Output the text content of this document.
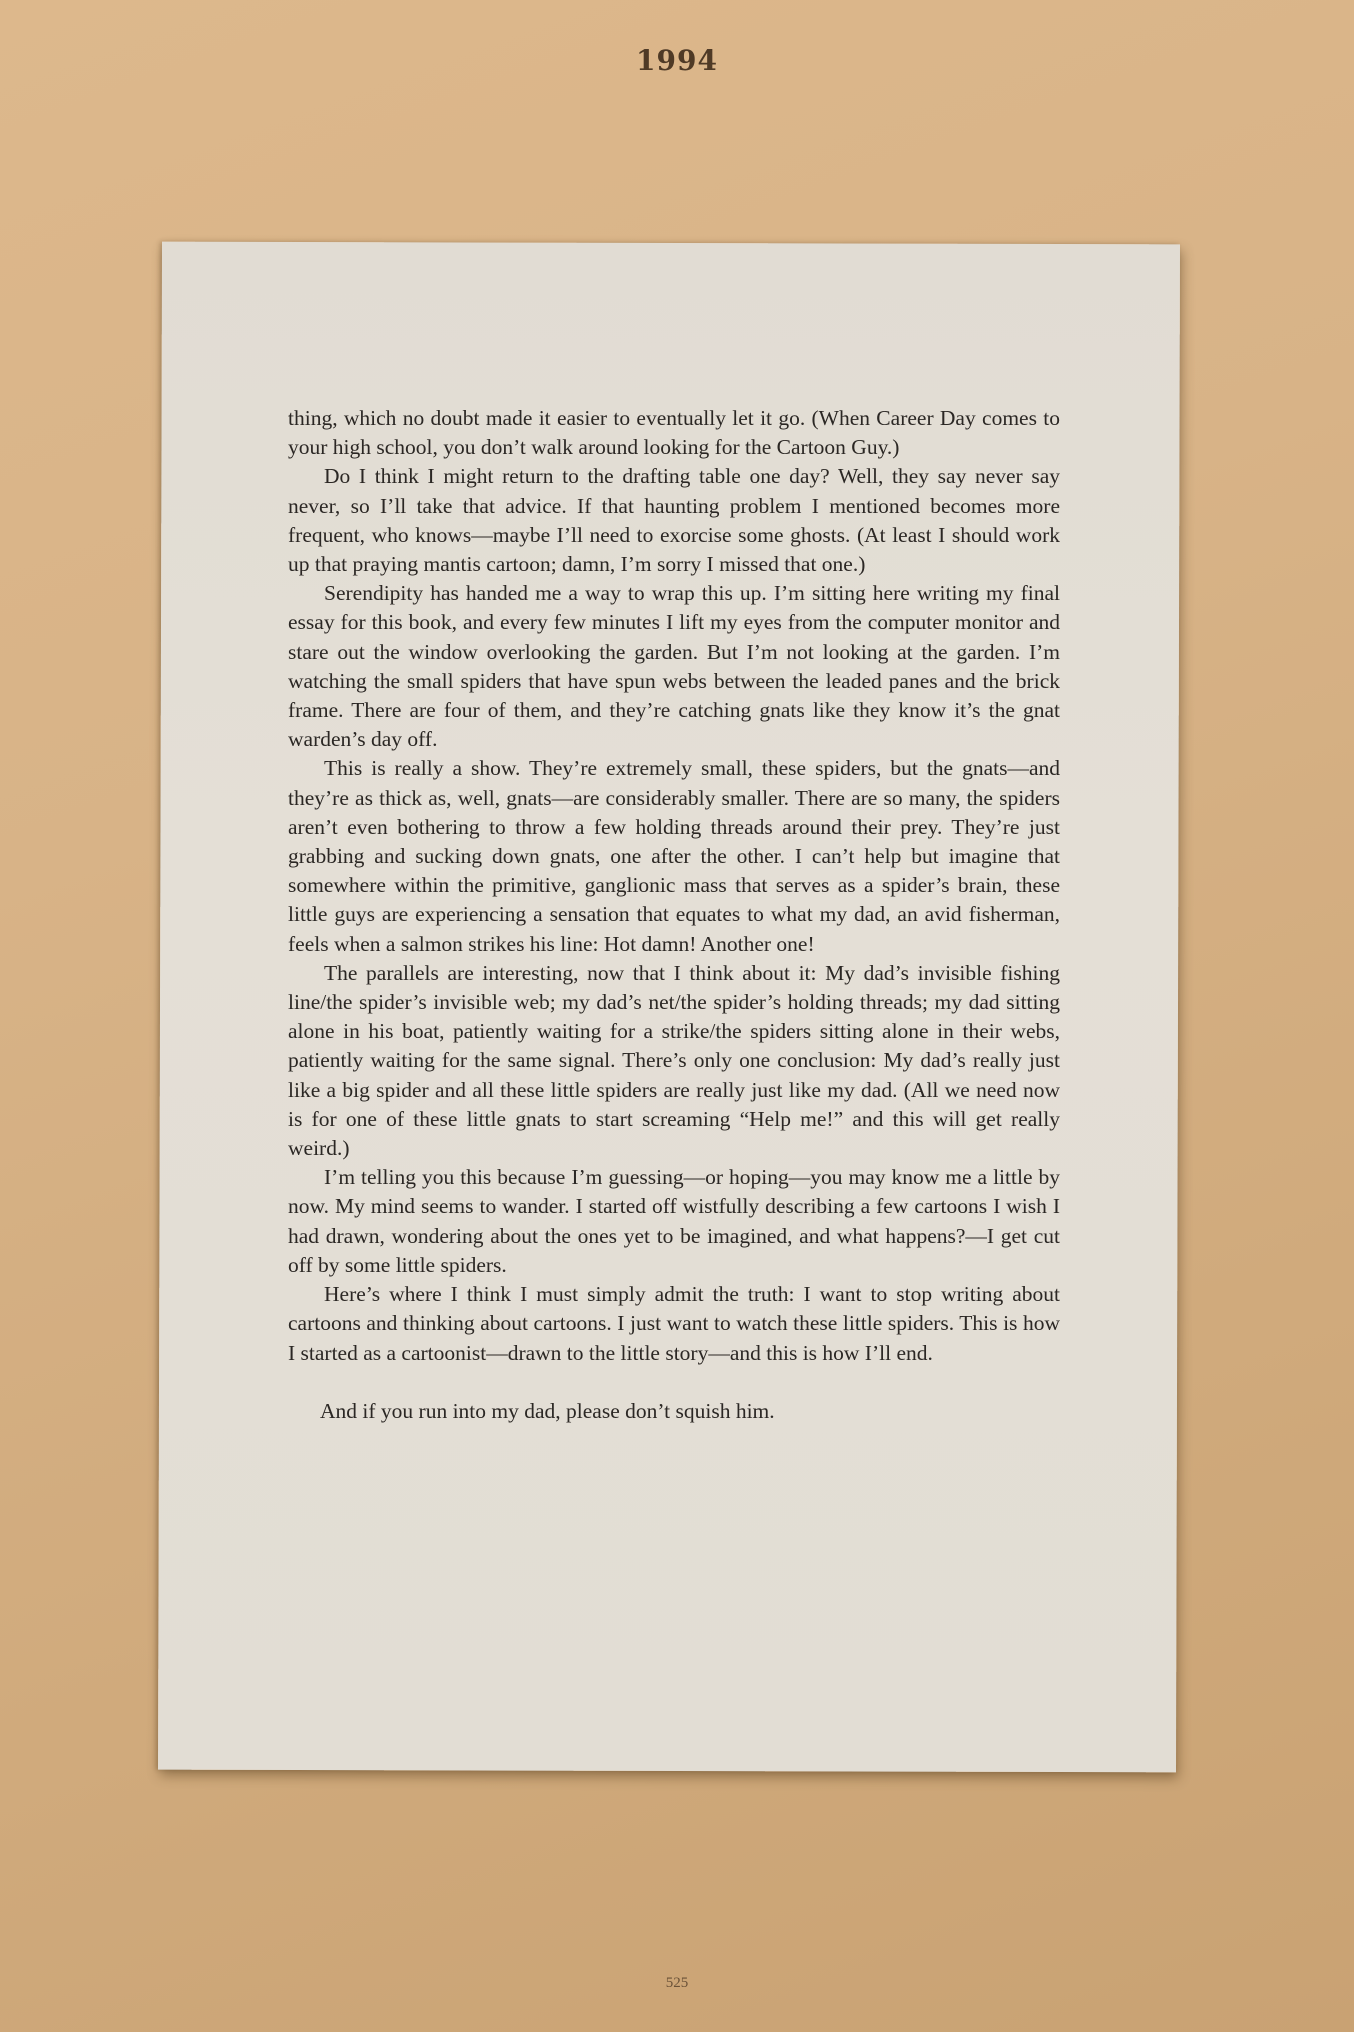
1994

thing, which no doubt made it easier to eventually let it go. (When Career Day comes to your high school, you don’t walk around looking for the Cartoon Guy.)

Do I think I might return to the drafting table one day? Well, they say never say never, so I’ll take that advice. If that haunting problem I mentioned becomes more frequent, who knows—maybe I’ll need to exorcise some ghosts. (At least I should work up that praying mantis cartoon; damn, I’m sorry I missed that one.)

Serendipity has handed me a way to wrap this up. I’m sitting here writing my final essay for this book, and every few minutes I lift my eyes from the computer monitor and stare out the window overlooking the garden. But I’m not looking at the garden. I’m watching the small spiders that have spun webs between the leaded panes and the brick frame. There are four of them, and they’re catching gnats like they know it’s the gnat warden’s day off.

This is really a show. They’re extremely small, these spiders, but the gnats—and they’re as thick as, well, gnats—are considerably smaller. There are so many, the spiders aren’t even bothering to throw a few holding threads around their prey. They’re just grabbing and sucking down gnats, one after the other. I can’t help but imagine that somewhere within the primitive, ganglionic mass that serves as a spider’s brain, these little guys are experiencing a sensation that equates to what my dad, an avid fisherman, feels when a salmon strikes his line: Hot damn! Another one!

The parallels are interesting, now that I think about it: My dad’s invisible fishing line/the spider’s invisible web; my dad’s net/the spider’s holding threads; my dad sitting alone in his boat, patiently waiting for a strike/the spiders sitting alone in their webs, patiently waiting for the same signal. There’s only one conclusion: My dad’s really just like a big spider and all these little spiders are really just like my dad. (All we need now is for one of these little gnats to start screaming “Help me!” and this will get really weird.)

I’m telling you this because I’m guessing—or hoping—you may know me a little by now. My mind seems to wander. I started off wistfully describing a few cartoons I wish I had drawn, wondering about the ones yet to be imagined, and what happens?—I get cut off by some little spiders.

Here’s where I think I must simply admit the truth: I want to stop writing about cartoons and thinking about cartoons. I just want to watch these little spiders. This is how I started as a cartoonist—drawn to the little story—and this is how I’ll end.

And if you run into my dad, please don’t squish him.

525
